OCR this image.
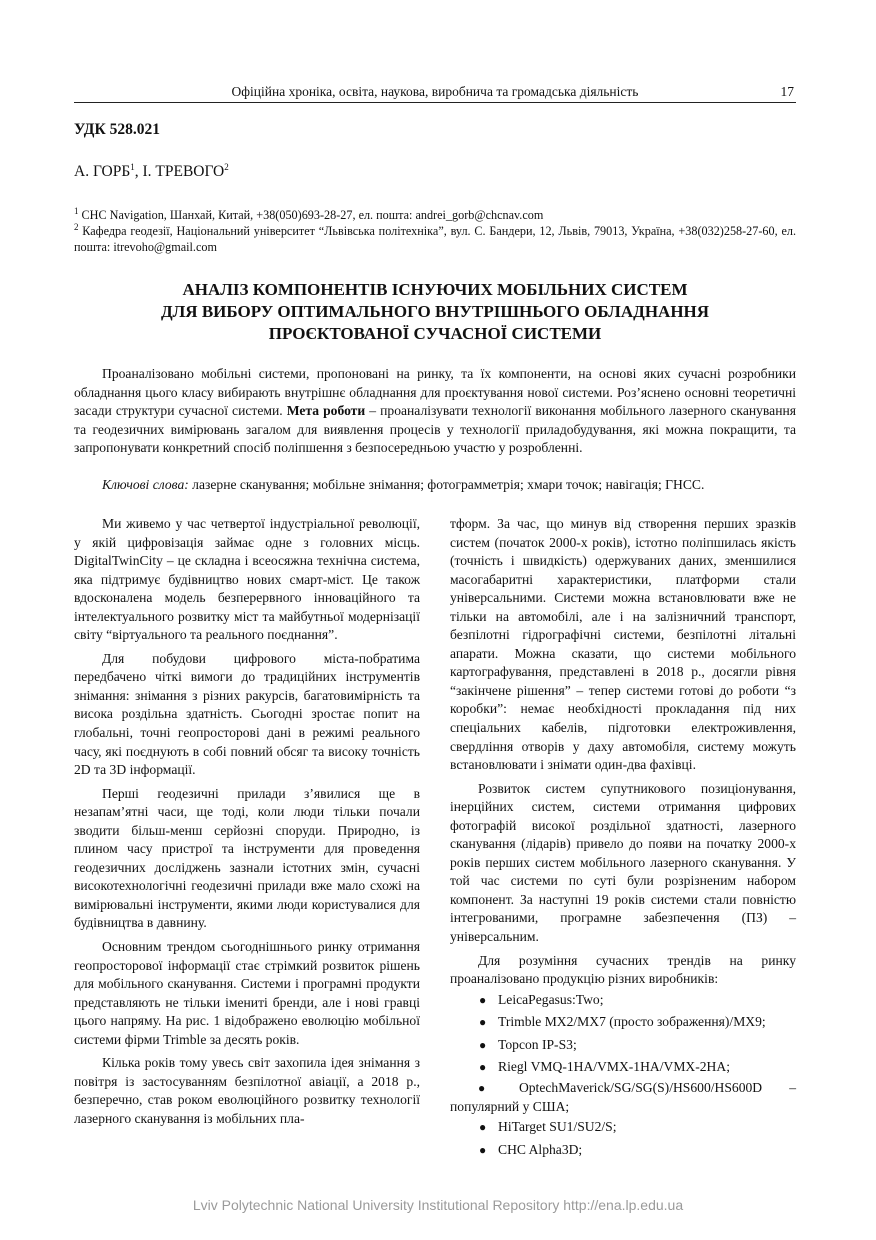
Офіційна хроніка, освіта, наукова, виробнича та громадська діяльність	17
УДК 528.021
А. ГОРБ$^1$, І. ТРЕВОГО$^2$
$^1$ CHC Navigation, Шанхай, Китай, +38(050)693-28-27, ел. пошта: andrei_gorb@chcnav.com
$^2$ Кафедра геодезії, Національний університет “Львівська політехніка”, вул. С. Бандери, 12, Львів, 79013, Україна, +38(032)258-27-60, ел. пошта: itrevoho@gmail.com
АНАЛІЗ КОМПОНЕНТІВ ІСНУЮЧИХ МОБІЛЬНИХ СИСТЕМ
ДЛЯ ВИБОРУ ОПТИМАЛЬНОГО ВНУТРІШНЬОГО ОБЛАДНАННЯ
ПРОЄКТОВАНОЇ СУЧАСНОЇ СИСТЕМИ
Проаналізовано мобільні системи, пропоновані на ринку, та їх компоненти, на основі яких сучасні розробники обладнання цього класу вибирають внутрішнє обладнання для проєктування нової системи. Роз’яснено основні теоретичні засади структури сучасної системи. Мета роботи – проаналізувати технології виконання мобільного лазерного сканування та геодезичних вимірювань загалом для виявлення процесів у технології приладобудування, які можна покращити, та запропонувати конкретний спосіб поліпшення з безпосередньою участю у розробленні.
Ключові слова: лазерне сканування; мобільне знімання; фотограмметрія; хмари точок; навігація; ГНСС.

Ми живемо у час четвертої індустріальної революції, у якій цифровізація займає одне з головних місць. DigitalTwinCity – це складна і всеосяжна технічна система, яка підтримує будівництво нових смарт-міст. Це також вдосконалена модель безперервного інноваційного та інтелектуального розвитку міст та майбутньої модернізації світу “віртуального та реального поєднання”.

Для побудови цифрового міста-побратима передбачено чіткі вимоги до традиційних інструментів знімання: знімання з різних ракурсів, багатовимірність та висока роздільна здатність. Сьогодні зростає попит на глобальні, точні геопросторові дані в режимі реального часу, які поєднують в собі повний обсяг та високу точність 2D та 3D інформації.

Перші геодезичні прилади з’явилися ще в незапам’ятні часи, ще тоді, коли люди тільки почали зводити більш-менш серйозні споруди. Природно, із плином часу пристрої та інструменти для проведення геодезичних досліджень зазнали істотних змін, сучасні високотехнологічні геодезичні прилади вже мало схожі на вимірювальні інструменти, якими люди користувалися для будівництва в давнину.

Основним трендом сьогоднішнього ринку отримання геопросторової інформації стає стрімкий розвиток рішень для мобільного сканування. Системи і програмні продукти представляють не тільки імениті бренди, але і нові гравці цього напряму. На рис. 1 відображено еволюцію мобільної системи фірми Trimble за десять років.

Кілька років тому увесь світ захопила ідея знімання з повітря із застосуванням безпілотної авіації, а 2018 р., безперечно, став роком еволюційного розвитку технології лазерного сканування із мобільних пла-

тформ. За час, що минув від створення перших зразків систем (початок 2000-х років), істотно поліпшилась якість (точність і швидкість) одержуваних даних, зменшилися масогабаритні характеристики, платформи стали універсальними. Системи можна встановлювати вже не тільки на автомобілі, але і на залізничний транспорт, безпілотні гідрографічні системи, безпілотні літальні апарати. Можна сказати, що системи мобільного картографування, представлені в 2018 р., досягли рівня “закінчене рішення” – тепер системи готові до роботи “з коробки”: немає необхідності прокладання під них спеціальних кабелів, підготовки електроживлення, свердління отворів у даху автомобіля, систему можуть встановлювати і знімати один-два фахівці.

Розвиток систем супутникового позиціонування, інерційних систем, системи отримання цифрових фотографій високої роздільної здатності, лазерного сканування (лідарів) привело до появи на початку 2000-х років перших систем мобільного лазерного сканування. У той час системи по суті були розрізненим набором компонент. За наступні 19 років системи стали повністю інтегрованими, програмне забезпечення (ПЗ) – універсальним.

Для розуміння сучасних трендів на ринку проаналізовано продукцію різних виробників:

● LeicaPegasus:Two;
● Trimble MX2/MX7 (просто зображення)/MX9;
● Topcon IP-S3;
● Riegl VMQ-1HA/VMX-1HA/VMX-2HA;
● OptechMaverick/SG/SG(S)/HS600/HS600D – популярний у США;
● HiTarget SU1/SU2/S;
● CHC Alpha3D;
Lviv Polytechnic National University Institutional Repository http://ena.lp.edu.ua
